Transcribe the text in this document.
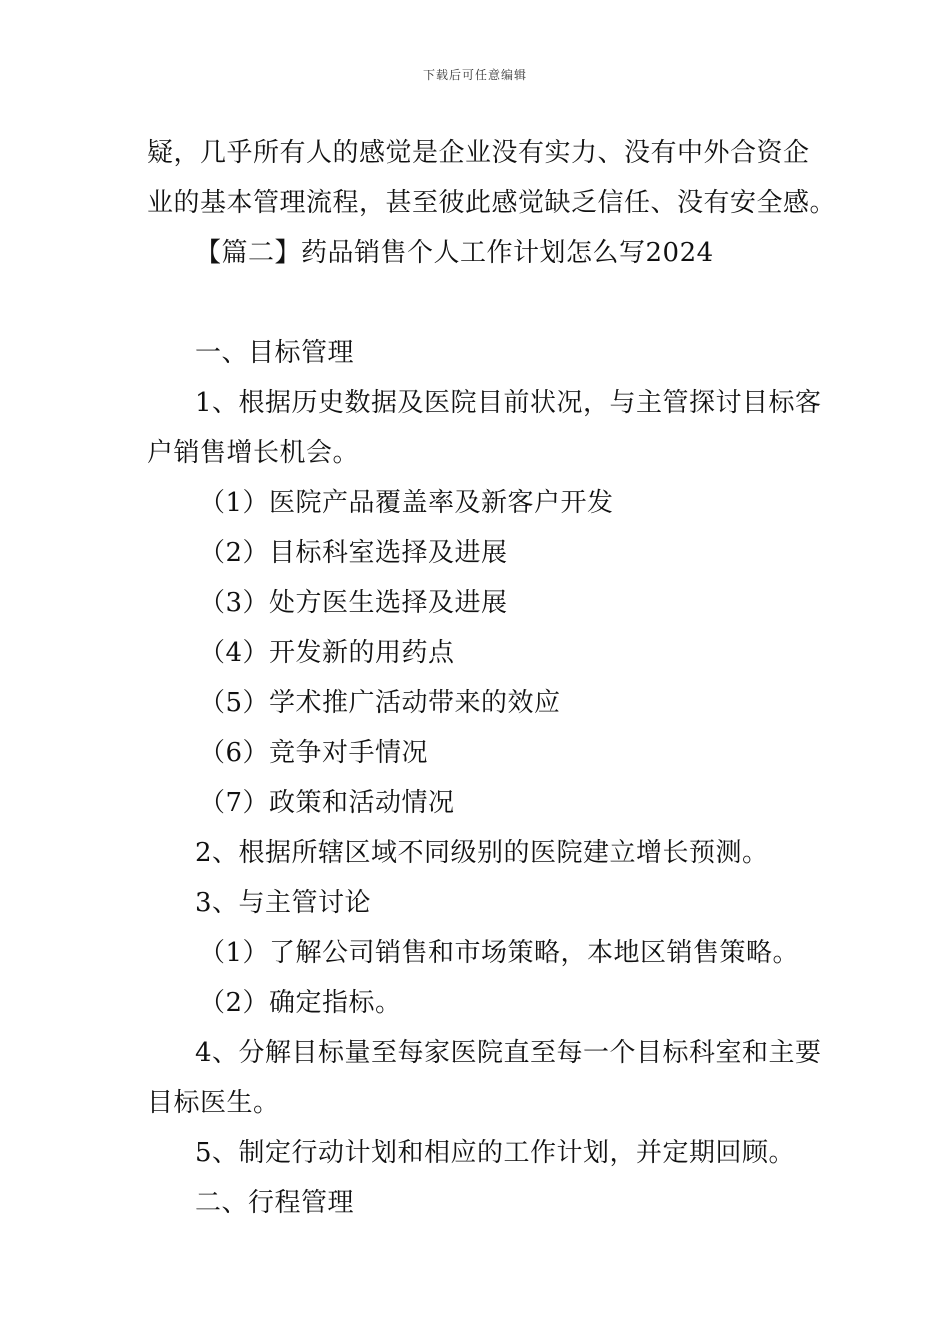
下载后可任意编辑
疑，几乎所有人的感觉是企业没有实力、没有中外合资企
业的基本管理流程，甚至彼此感觉缺乏信任、没有安全感。
【篇二】药品销售个人工作计划怎么写2024
一、目标管理
1、根据历史数据及医院目前状况，与主管探讨目标客
户销售增长机会。
（1）医院产品覆盖率及新客户开发
（2）目标科室选择及进展
（3）处方医生选择及进展
（4）开发新的用药点
（5）学术推广活动带来的效应
（6）竞争对手情况
（7）政策和活动情况
2、根据所辖区域不同级别的医院建立增长预测。
3、与主管讨论
（1）了解公司销售和市场策略，本地区销售策略。
（2）确定指标。
4、分解目标量至每家医院直至每一个目标科室和主要
目标医生。
5、制定行动计划和相应的工作计划，并定期回顾。
二、行程管理
